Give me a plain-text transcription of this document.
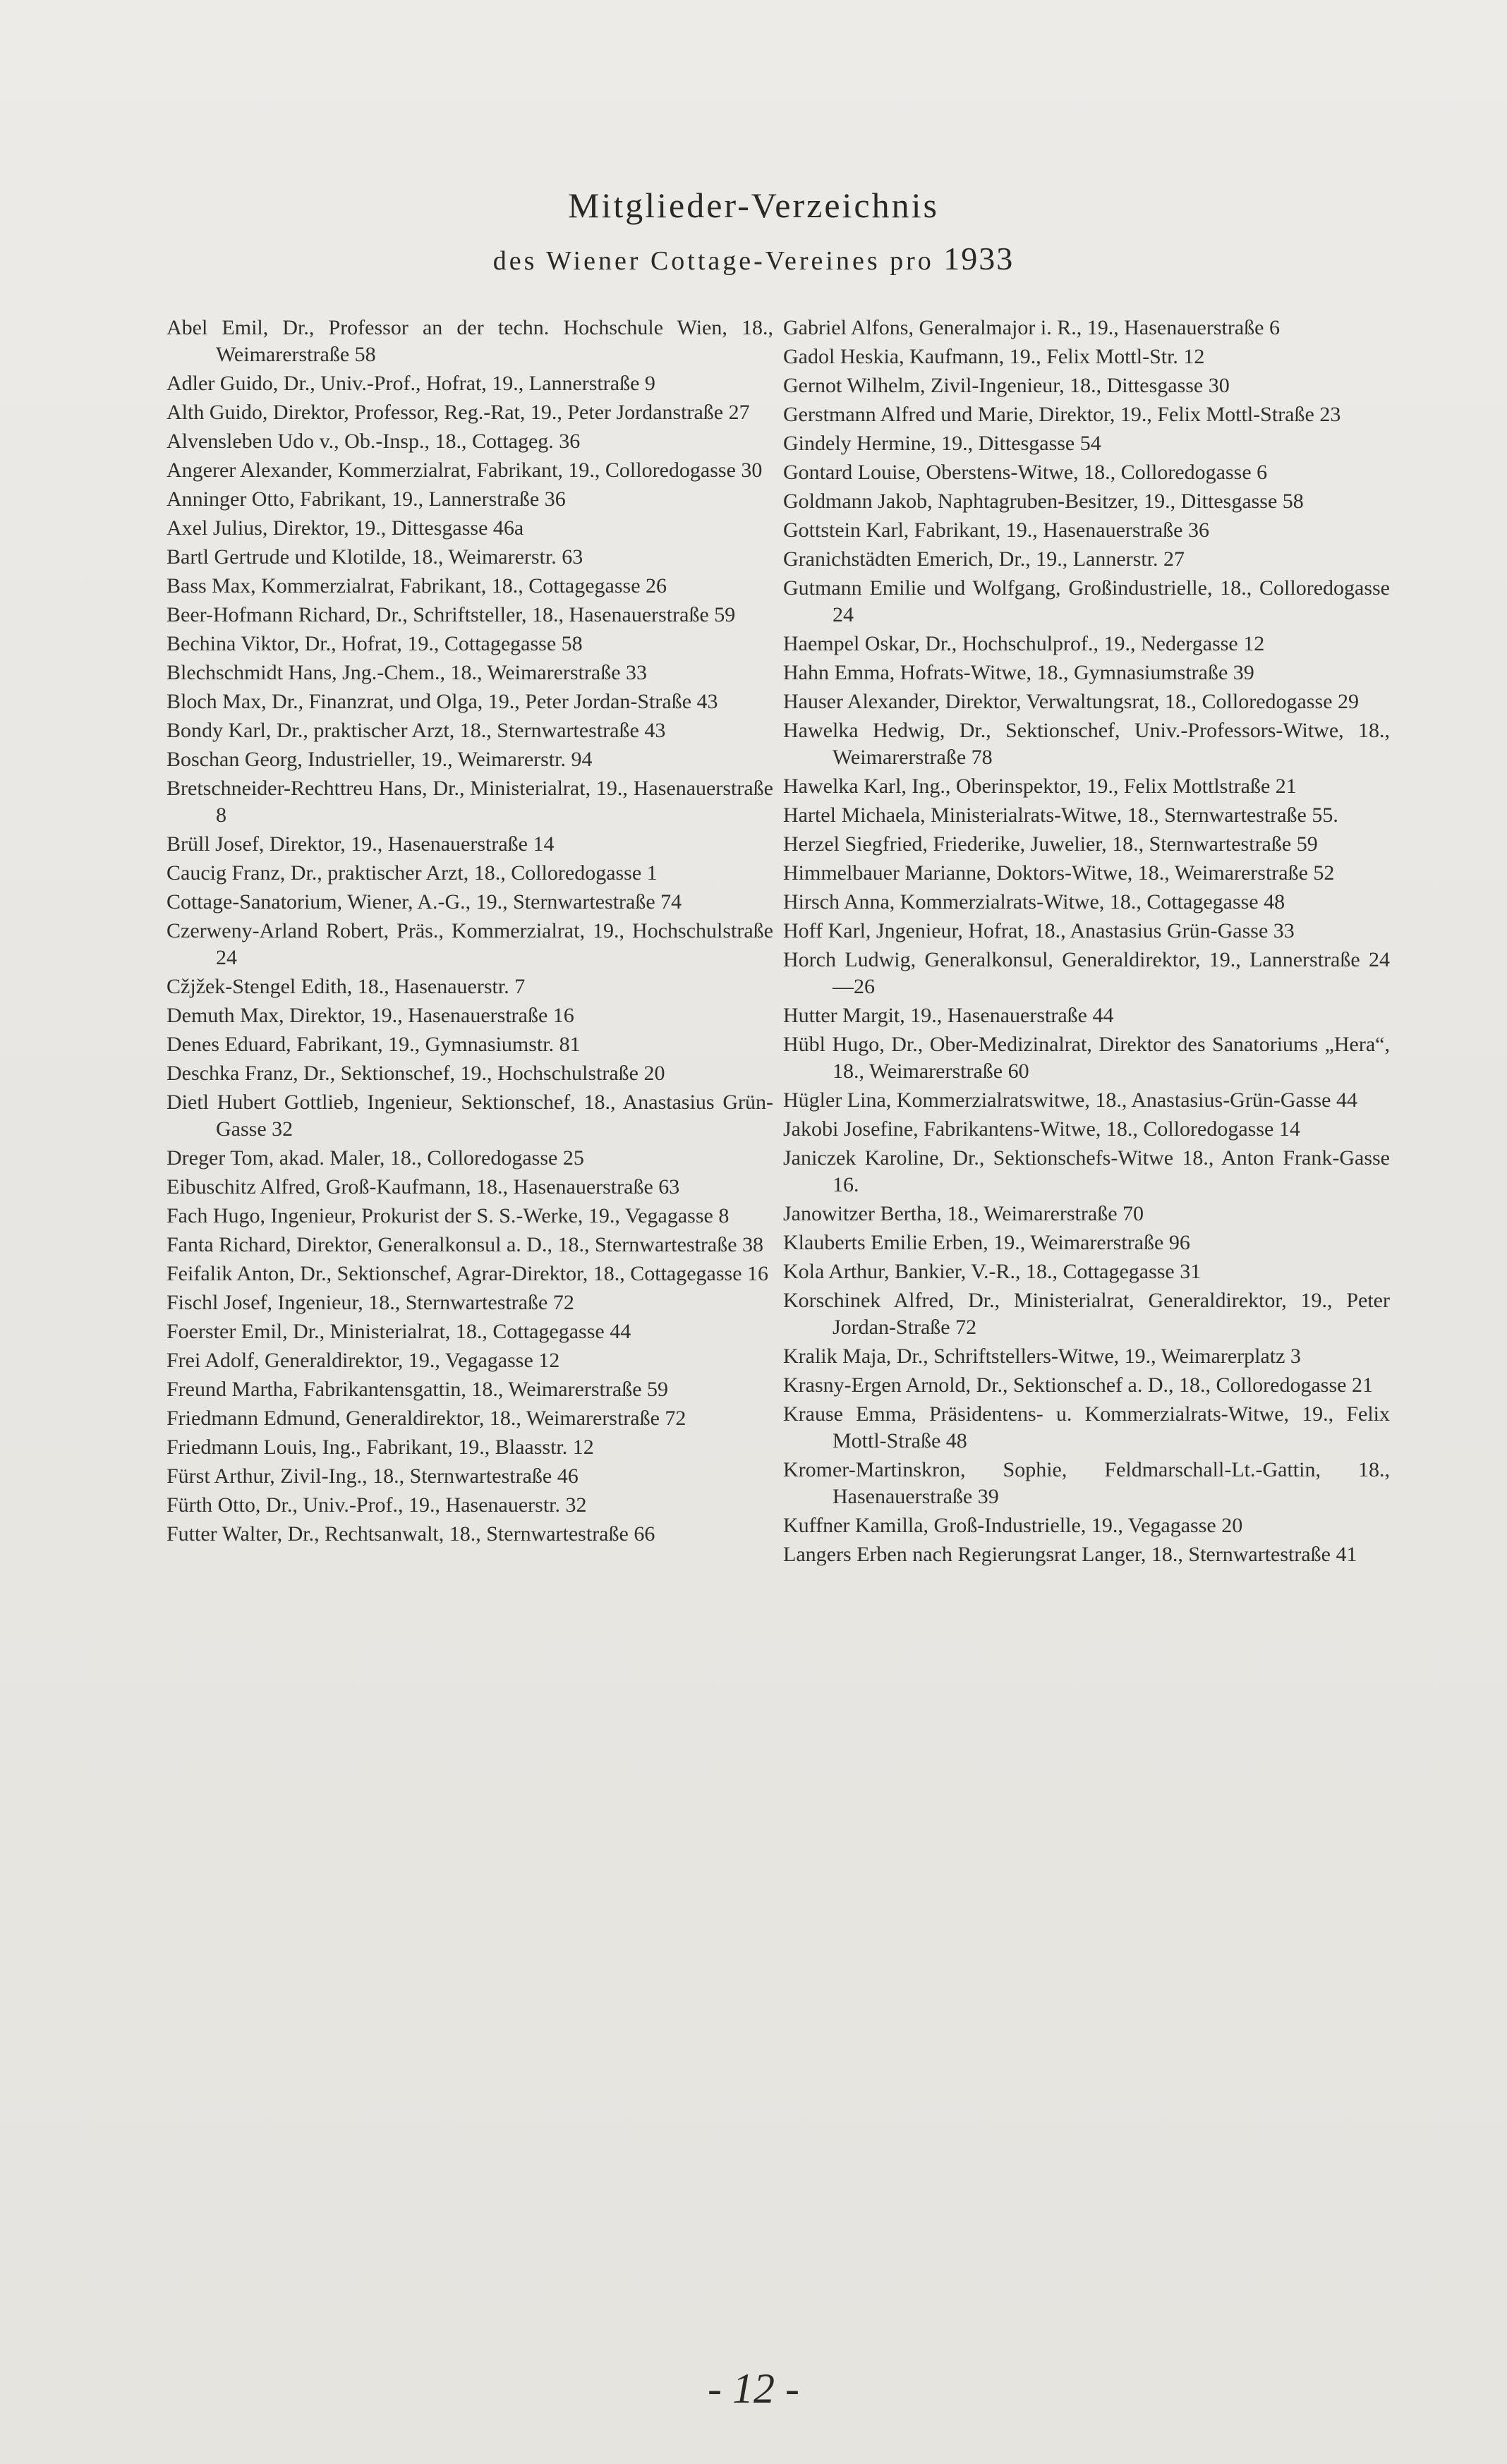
Mitglieder-Verzeichnis
des Wiener Cottage-Vereines pro 1933
Abel Emil, Dr., Professor an der techn. Hochschule Wien, 18., Weimarerstraße 58
Adler Guido, Dr., Univ.-Prof., Hofrat, 19., Lannerstraße 9
Alth Guido, Direktor, Professor, Reg.-Rat, 19., Peter Jordanstraße 27
Alvensleben Udo v., Ob.-Insp., 18., Cottageg. 36
Angerer Alexander, Kommerzialrat, Fabrikant, 19., Colloredogasse 30
Anninger Otto, Fabrikant, 19., Lannerstraße 36
Axel Julius, Direktor, 19., Dittesgasse 46a
Bartl Gertrude und Klotilde, 18., Weimarerstr. 63
Bass Max, Kommerzialrat, Fabrikant, 18., Cottagegasse 26
Beer-Hofmann Richard, Dr., Schriftsteller, 18., Hasenauerstraße 59
Bechina Viktor, Dr., Hofrat, 19., Cottagegasse 58
Blechschmidt Hans, Jng.-Chem., 18., Weimarerstraße 33
Bloch Max, Dr., Finanzrat, und Olga, 19., Peter Jordan-Straße 43
Bondy Karl, Dr., praktischer Arzt, 18., Sternwartestraße 43
Boschan Georg, Industrieller, 19., Weimarerstr. 94
Bretschneider-Rechttreu Hans, Dr., Ministerialrat, 19., Hasenauerstraße 8
Brüll Josef, Direktor, 19., Hasenauerstraße 14
Caucig Franz, Dr., praktischer Arzt, 18., Colloredogasse 1
Cottage-Sanatorium, Wiener, A.-G., 19., Sternwartestraße 74
Czerweny-Arland Robert, Präs., Kommerzialrat, 19., Hochschulstraße 24
Cžjžek-Stengel Edith, 18., Hasenauerstr. 7
Demuth Max, Direktor, 19., Hasenauerstraße 16
Denes Eduard, Fabrikant, 19., Gymnasiumstr. 81
Deschka Franz, Dr., Sektionschef, 19., Hochschulstraße 20
Dietl Hubert Gottlieb, Ingenieur, Sektionschef, 18., Anastasius Grün-Gasse 32
Dreger Tom, akad. Maler, 18., Colloredogasse 25
Eibuschitz Alfred, Groß-Kaufmann, 18., Hasenauerstraße 63
Fach Hugo, Ingenieur, Prokurist der S. S.-Werke, 19., Vegagasse 8
Fanta Richard, Direktor, Generalkonsul a. D., 18., Sternwartestraße 38
Feifalik Anton, Dr., Sektionschef, Agrar-Direktor, 18., Cottagegasse 16
Fischl Josef, Ingenieur, 18., Sternwartestraße 72
Foerster Emil, Dr., Ministerialrat, 18., Cottagegasse 44
Frei Adolf, Generaldirektor, 19., Vegagasse 12
Freund Martha, Fabrikantensgattin, 18., Weimarerstraße 59
Friedmann Edmund, Generaldirektor, 18., Weimarerstraße 72
Friedmann Louis, Ing., Fabrikant, 19., Blaasstr. 12
Fürst Arthur, Zivil-Ing., 18., Sternwartestraße 46
Fürth Otto, Dr., Univ.-Prof., 19., Hasenauerstr. 32
Futter Walter, Dr., Rechtsanwalt, 18., Sternwartestraße 66
Gabriel Alfons, Generalmajor i. R., 19., Hasenauerstraße 6
Gadol Heskia, Kaufmann, 19., Felix Mottl-Str. 12
Gernot Wilhelm, Zivil-Ingenieur, 18., Dittesgasse 30
Gerstmann Alfred und Marie, Direktor, 19., Felix Mottl-Straße 23
Gindely Hermine, 19., Dittesgasse 54
Gontard Louise, Oberstens-Witwe, 18., Colloredogasse 6
Goldmann Jakob, Naphtagruben-Besitzer, 19., Dittesgasse 58
Gottstein Karl, Fabrikant, 19., Hasenauerstraße 36
Granichstädten Emerich, Dr., 19., Lannerstr. 27
Gutmann Emilie und Wolfgang, Großindustrielle, 18., Colloredogasse 24
Haempel Oskar, Dr., Hochschulprof., 19., Nedergasse 12
Hahn Emma, Hofrats-Witwe, 18., Gymnasiumstraße 39
Hauser Alexander, Direktor, Verwaltungsrat, 18., Colloredogasse 29
Hawelka Hedwig, Dr., Sektionschef, Univ.-Professors-Witwe, 18., Weimarerstraße 78
Hawelka Karl, Ing., Oberinspektor, 19., Felix Mottlstraße 21
Hartel Michaela, Ministerialrats-Witwe, 18., Sternwartestraße 55.
Herzel Siegfried, Friederike, Juwelier, 18., Sternwartestraße 59
Himmelbauer Marianne, Doktors-Witwe, 18., Weimarerstraße 52
Hirsch Anna, Kommerzialrats-Witwe, 18., Cottagegasse 48
Hoff Karl, Jngenieur, Hofrat, 18., Anastasius Grün-Gasse 33
Horch Ludwig, Generalkonsul, Generaldirektor, 19., Lannerstraße 24—26
Hutter Margit, 19., Hasenauerstraße 44
Hübl Hugo, Dr., Ober-Medizinalrat, Direktor des Sanatoriums „Hera“, 18., Weimarerstraße 60
Hügler Lina, Kommerzialratswitwe, 18., Anastasius-Grün-Gasse 44
Jakobi Josefine, Fabrikantens-Witwe, 18., Colloredogasse 14
Janiczek Karoline, Dr., Sektionschefs-Witwe 18., Anton Frank-Gasse 16.
Janowitzer Bertha, 18., Weimarerstraße 70
Klauberts Emilie Erben, 19., Weimarerstraße 96
Kola Arthur, Bankier, V.-R., 18., Cottagegasse 31
Korschinek Alfred, Dr., Ministerialrat, Generaldirektor, 19., Peter Jordan-Straße 72
Kralik Maja, Dr., Schriftstellers-Witwe, 19., Weimarerplatz 3
Krasny-Ergen Arnold, Dr., Sektionschef a. D., 18., Colloredogasse 21
Krause Emma, Präsidentens- u. Kommerzialrats-Witwe, 19., Felix Mottl-Straße 48
Kromer-Martinskron, Sophie, Feldmarschall-Lt.-Gattin, 18., Hasenauerstraße 39
Kuffner Kamilla, Groß-Industrielle, 19., Vegagasse 20
Langers Erben nach Regierungsrat Langer, 18., Sternwartestraße 41
- 12 -
